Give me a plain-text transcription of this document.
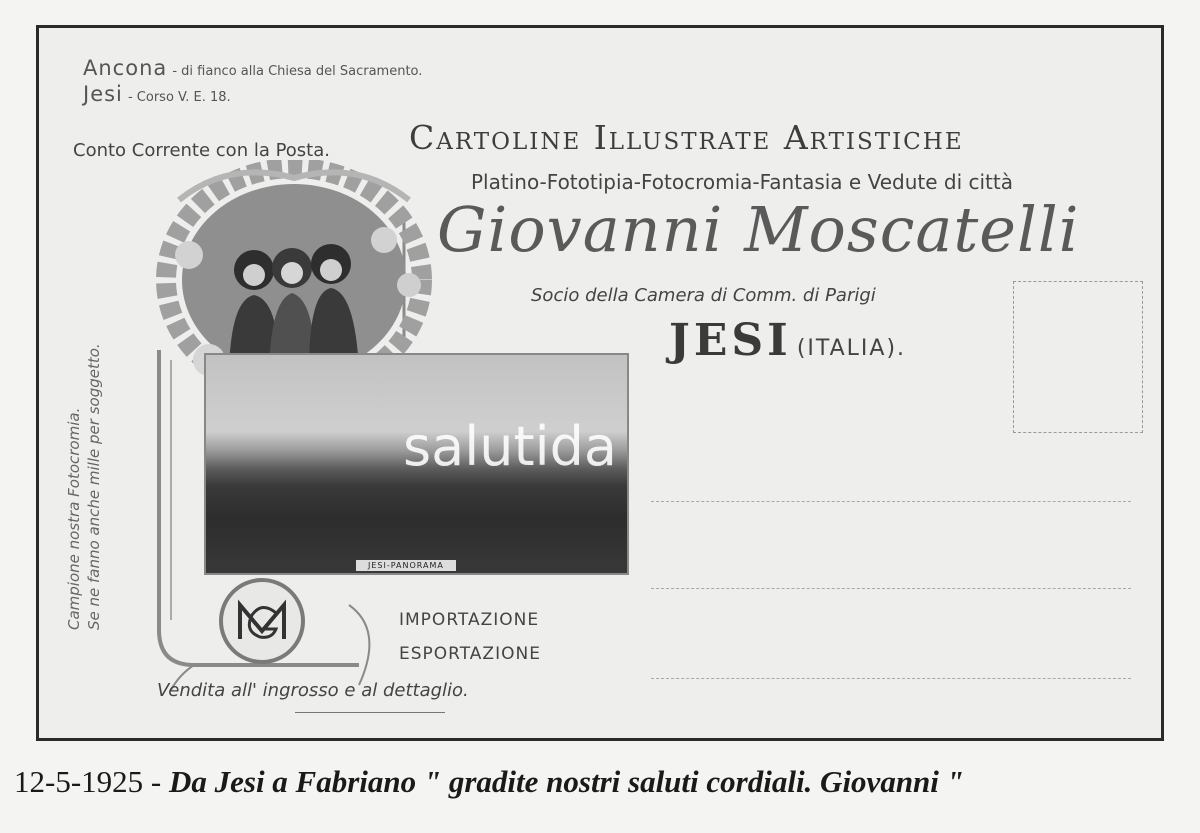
Ancona - di fianco alla Chiesa del Sacramento.
Jesi - Corso V. E. 18.
Conto Corrente con la Posta. Cartoline Illustrate Artistiche
Platino-Fototipia-Fotocromia-Fantasia e Vedute di città
Giovanni Moscatelli
Socio della Camera di Comm. di Parigi
JESI (ITALIA).
Campione nostra Fotocromia. Se ne fanno anche mille per soggetto.	JESI-PANORAMA
salutida
IMPORTAZIONE
ESPORTAZIONE
Vendita all' ingrosso e al dettaglio.
12-5-1925 - Da Jesi a Fabriano " gradite nostri saluti cordiali. Giovanni "
